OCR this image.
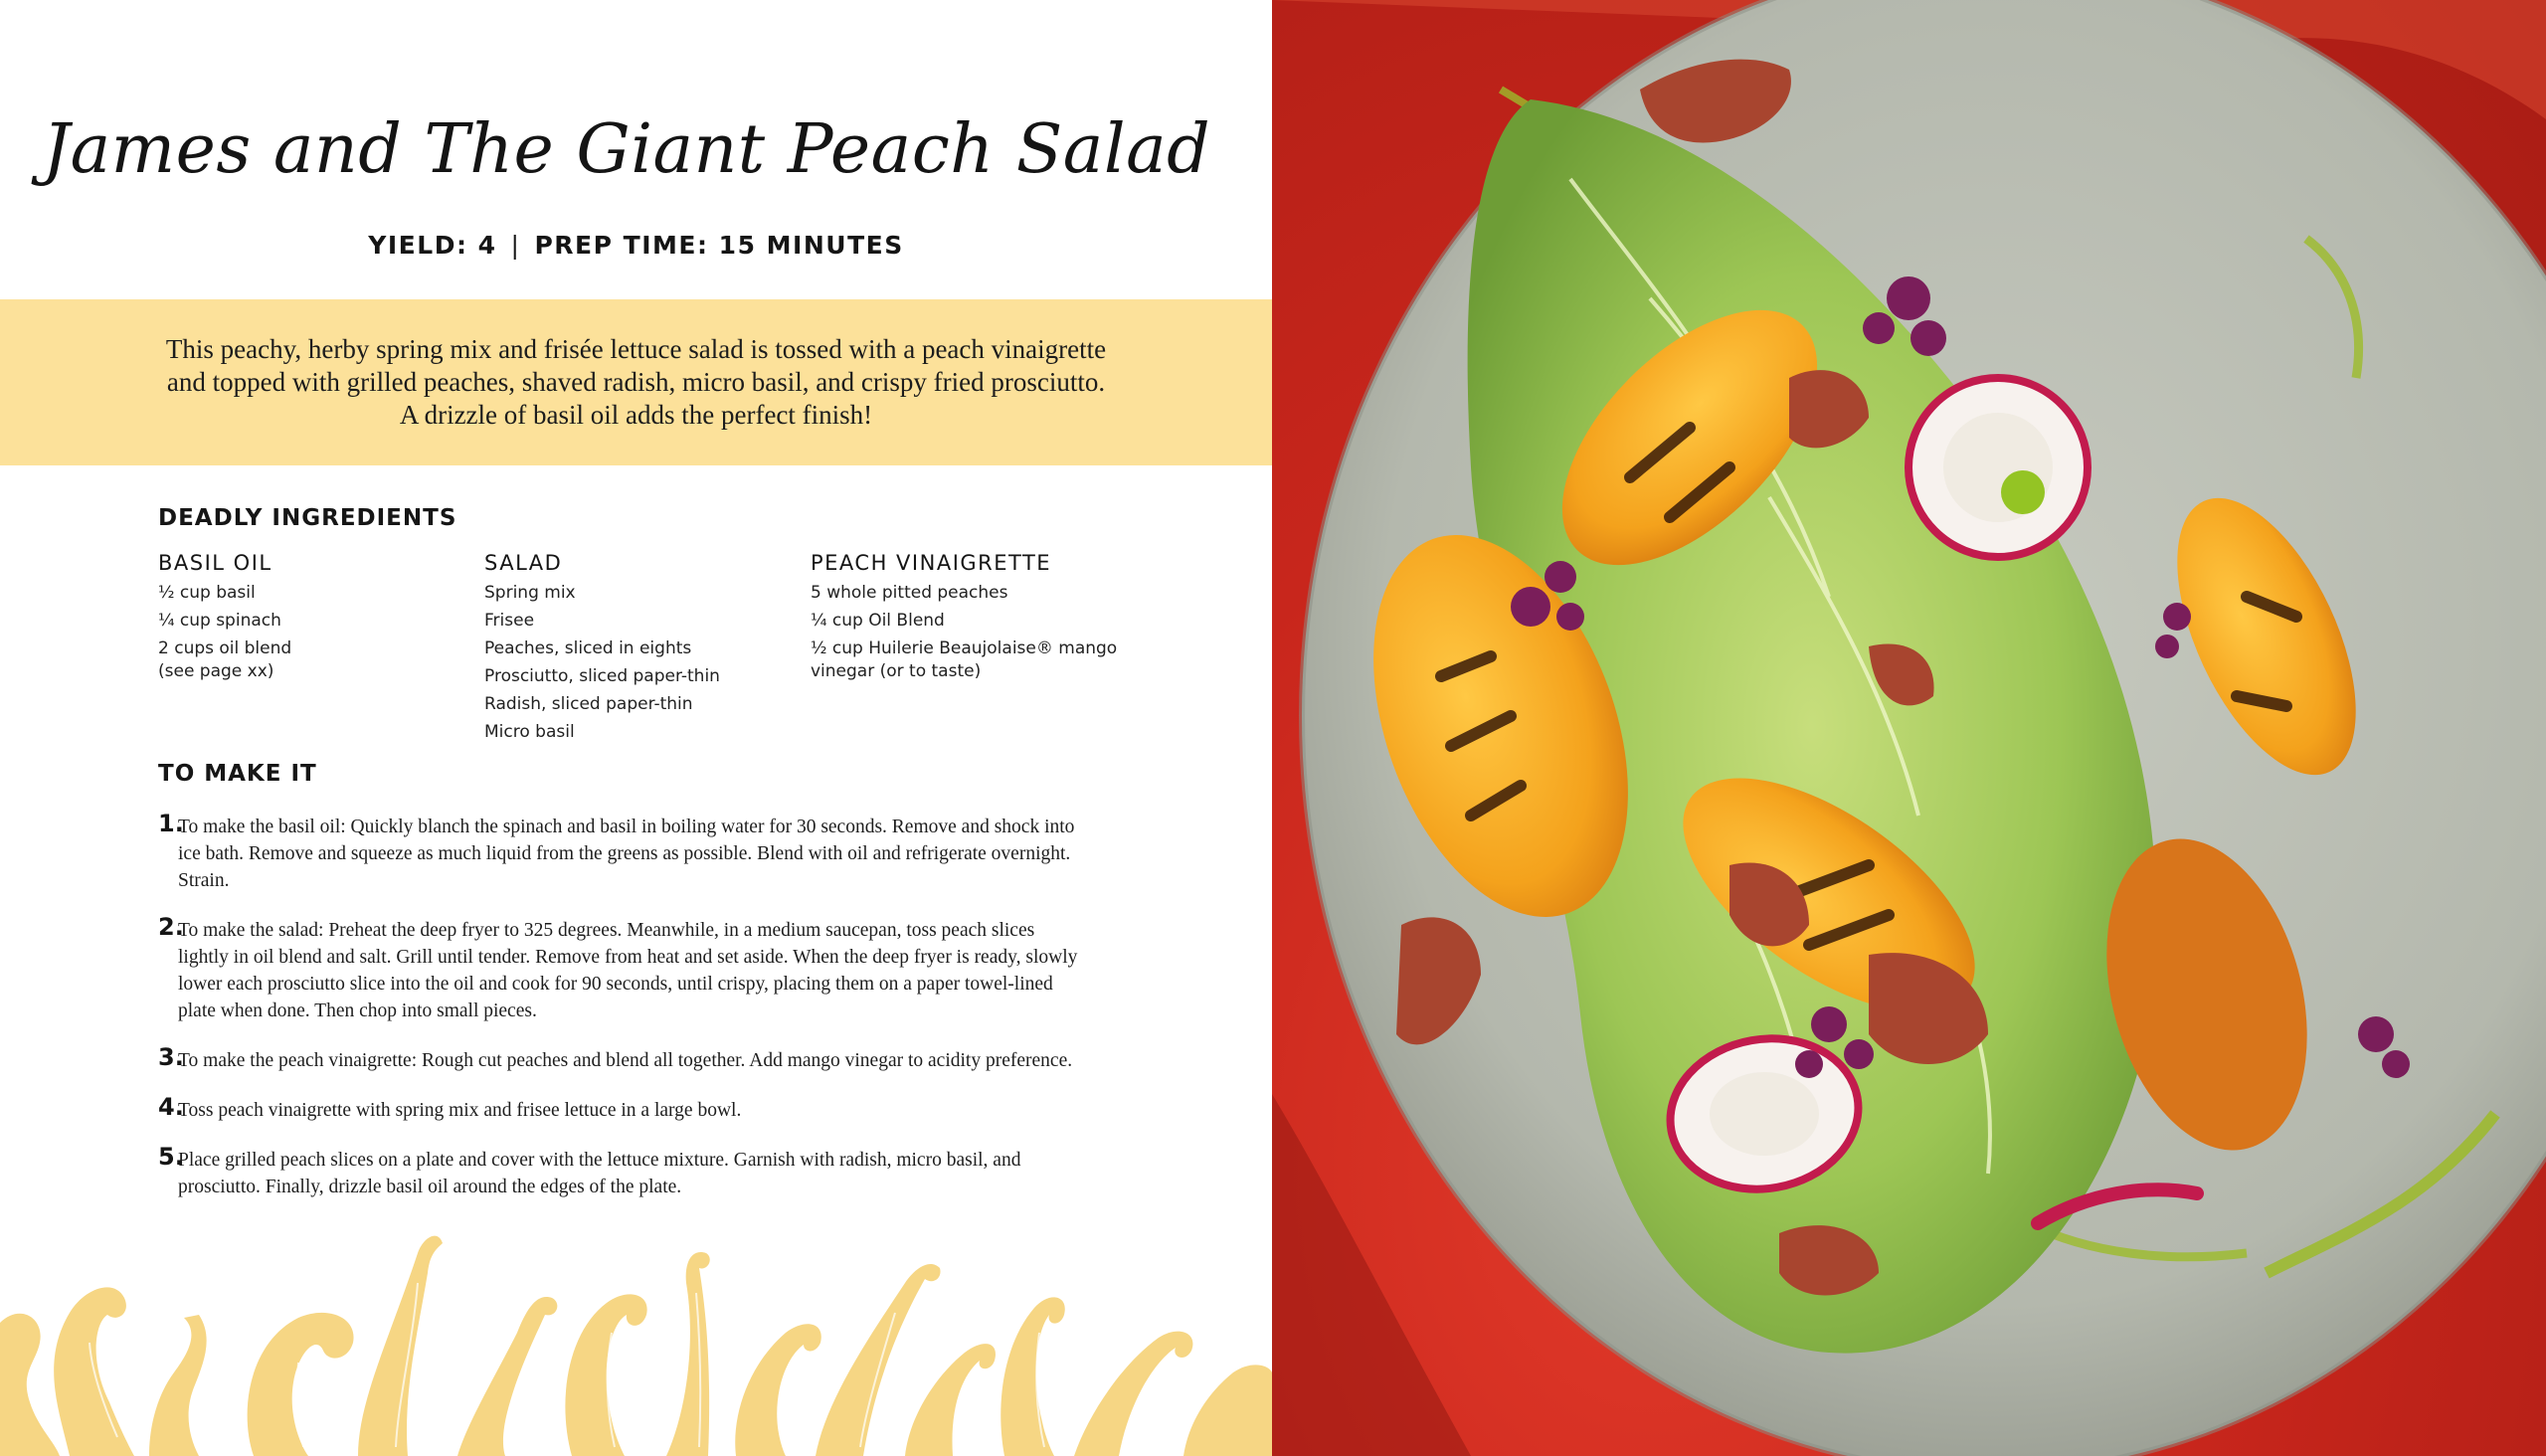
James and The Giant Peach Salad
YIELD: 4 | PREP TIME: 15 MINUTES
This peachy, herby spring mix and frisée lettuce salad is tossed with a peach vinaigrette and topped with grilled peaches, shaved radish, micro basil, and crispy fried prosciutto. A drizzle of basil oil adds the perfect finish!
DEADLY INGREDIENTS
BASIL OIL
½ cup basil
¼ cup spinach
2 cups oil blend (see page xx)
SALAD
Spring mix
Frisee
Peaches, sliced in eights
Prosciutto, sliced paper-thin
Radish, sliced paper-thin
Micro basil
PEACH VINAIGRETTE
5 whole pitted peaches
¼ cup Oil Blend
½ cup Huilerie Beaujolaise® mango vinegar (or to taste)
TO MAKE IT
1.
To make the basil oil: Quickly blanch the spinach and basil in boiling water for 30 seconds. Remove and shock into ice bath. Remove and squeeze as much liquid from the greens as possible. Blend with oil and refrigerate overnight. Strain.
2.
To make the salad: Preheat the deep fryer to 325 degrees. Meanwhile, in a medium saucepan, toss peach slices lightly in oil blend and salt. Grill until tender. Remove from heat and set aside. When the deep fryer is ready, slowly lower each prosciutto slice into the oil and cook for 90 seconds, until crispy, placing them on a paper towel-lined plate when done. Then chop into small pieces.
3.
To make the peach vinaigrette: Rough cut peaches and blend all together. Add mango vinegar to acidity preference.
4.
Toss peach vinaigrette with spring mix and frisee lettuce in a large bowl.
5.
Place grilled peach slices on a plate and cover with the lettuce mixture. Garnish with radish, micro basil, and prosciutto. Finally, drizzle basil oil around the edges of the plate.
